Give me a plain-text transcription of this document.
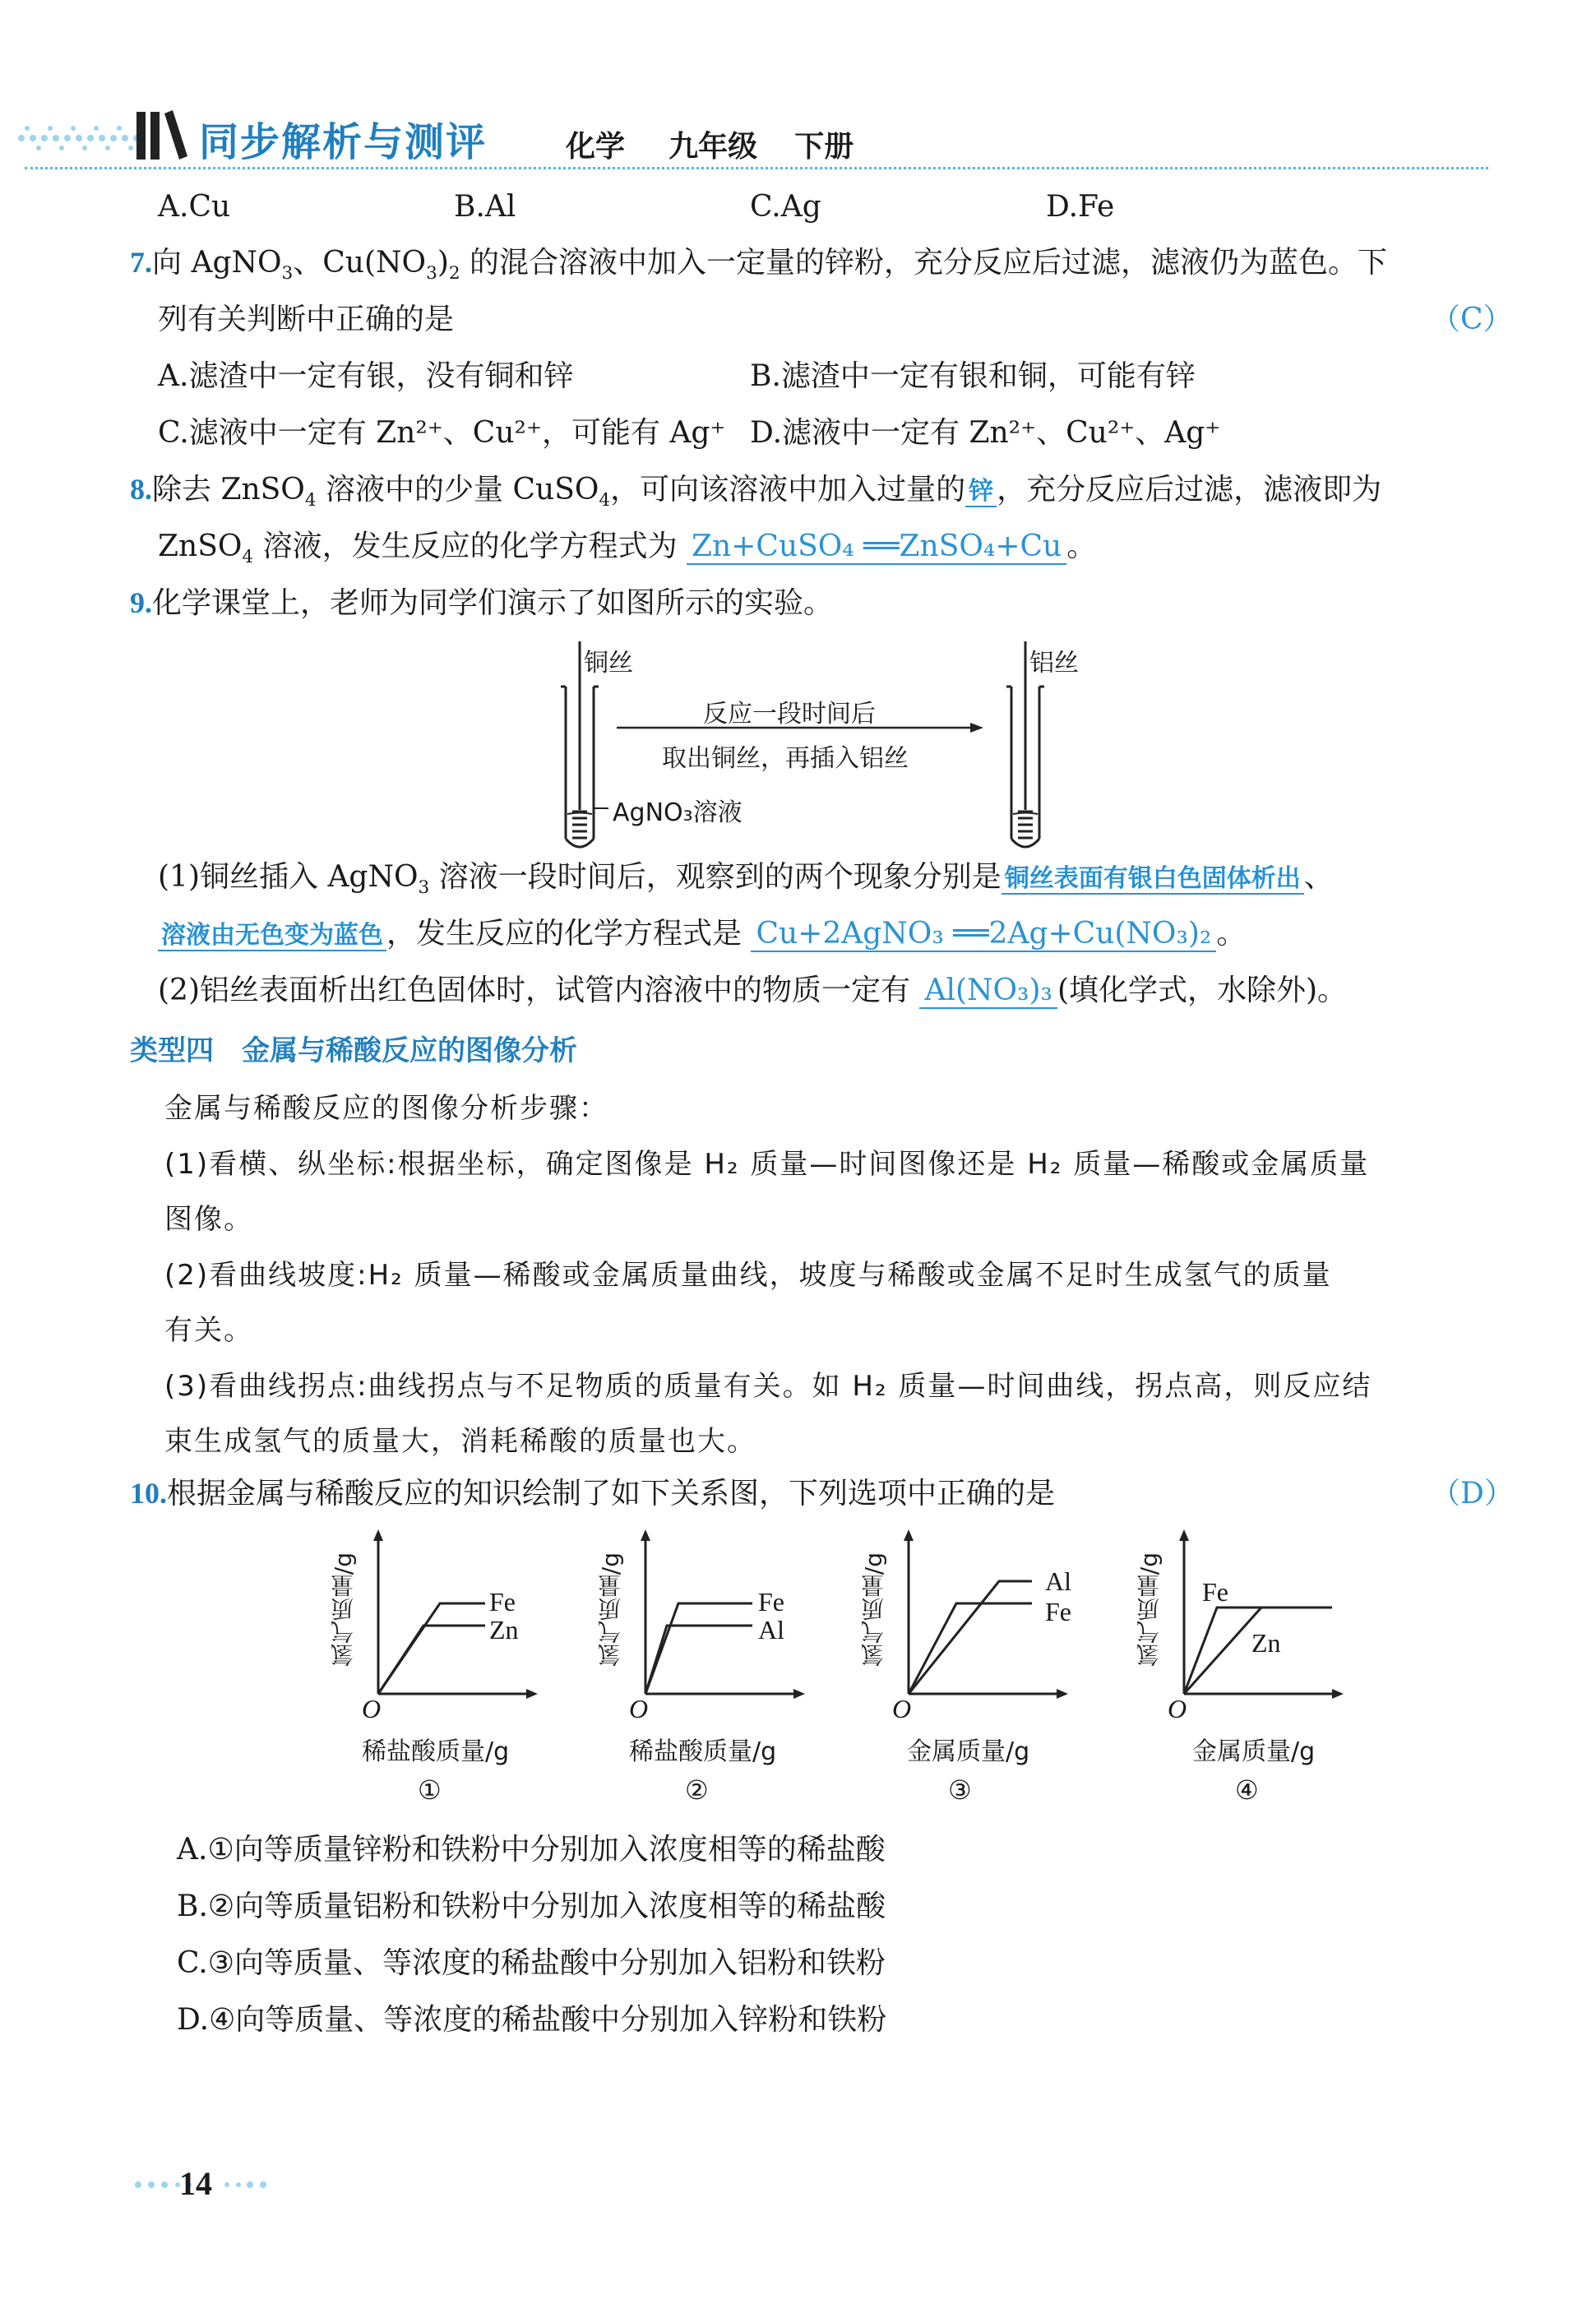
同步解析与测评	化学 九年级 下册
A.Cu	B.Al	C.Ag	D.Fe
7.向 AgNO$_3$、$Cu(NO_3)_2$ 的混合溶液中加入一定量的锌粉，充分反应后过滤，滤液仍为蓝色。下
列有关判断中正确的是	（C）
A.滤渣中一定有银，没有铜和锌	B.滤渣中一定有银和铜，可能有锌
C.滤液中一定有 Zn²⁺、Cu²⁺，可能有 Ag⁺ D.滤液中一定有 Zn²⁺、Cu²⁺、Ag⁺
8.除去 ZnSO$_4$ 溶液中的少量 CuSO$_4$，可向该溶液中加入过量的 锌 ，充分反应后过滤，滤液即为
ZnSO$_4$ 溶液，发生反应的化学方程式为 Zn+CuSO₄ ══ZnSO₄+Cu 。
9.化学课堂上，老师为同学们演示了如图所示的实验。
铜丝	铝丝
反应一段时间后
取出铜丝，再插入铝丝
AgNO₃溶液
(1)铜丝插入 AgNO$_3$ 溶液一段时间后，观察到的两个现象分别是 铜丝表面有银白色固体析出 、
溶液由无色变为蓝色 ，发生反应的化学方程式是 Cu+2AgNO₃ ══2Ag+Cu(NO₃)₂ 。
(2)铝丝表面析出红色固体时，试管内溶液中的物质一定有 Al(NO₃)₃ (填化学式，水除外)。
类型四　金属与稀酸反应的图像分析
金属与稀酸反应的图像分析步骤：
(1)看横、纵坐标:根据坐标，确定图像是 H₂ 质量—时间图像还是 H₂ 质量—稀酸或金属质量
图像。
(2)看曲线坡度:H₂ 质量—稀酸或金属质量曲线，坡度与稀酸或金属不足时生成氢气的质量
有关。
(3)看曲线拐点:曲线拐点与不足物质的质量有关。如 H₂ 质量—时间曲线，拐点高，则反应结
束生成氢气的质量大，消耗稀酸的质量也大。
10.根据金属与稀酸反应的知识绘制了如下关系图，下列选项中正确的是	（D）
氢气质量/g	Fe
Zn
O
稀盐酸质量/g
①
氢气质量/g	Fe
Al
O
稀盐酸质量/g
②
氢气质量/g	Al
Fe
O
金属质量/g
③
氢气质量/g Fe
Zn
O
金属质量/g
④
A.①向等质量锌粉和铁粉中分别加入浓度相等的稀盐酸
B.②向等质量铝粉和铁粉中分别加入浓度相等的稀盐酸
C.③向等质量、等浓度的稀盐酸中分别加入铝粉和铁粉
D.④向等质量、等浓度的稀盐酸中分别加入锌粉和铁粉
14
